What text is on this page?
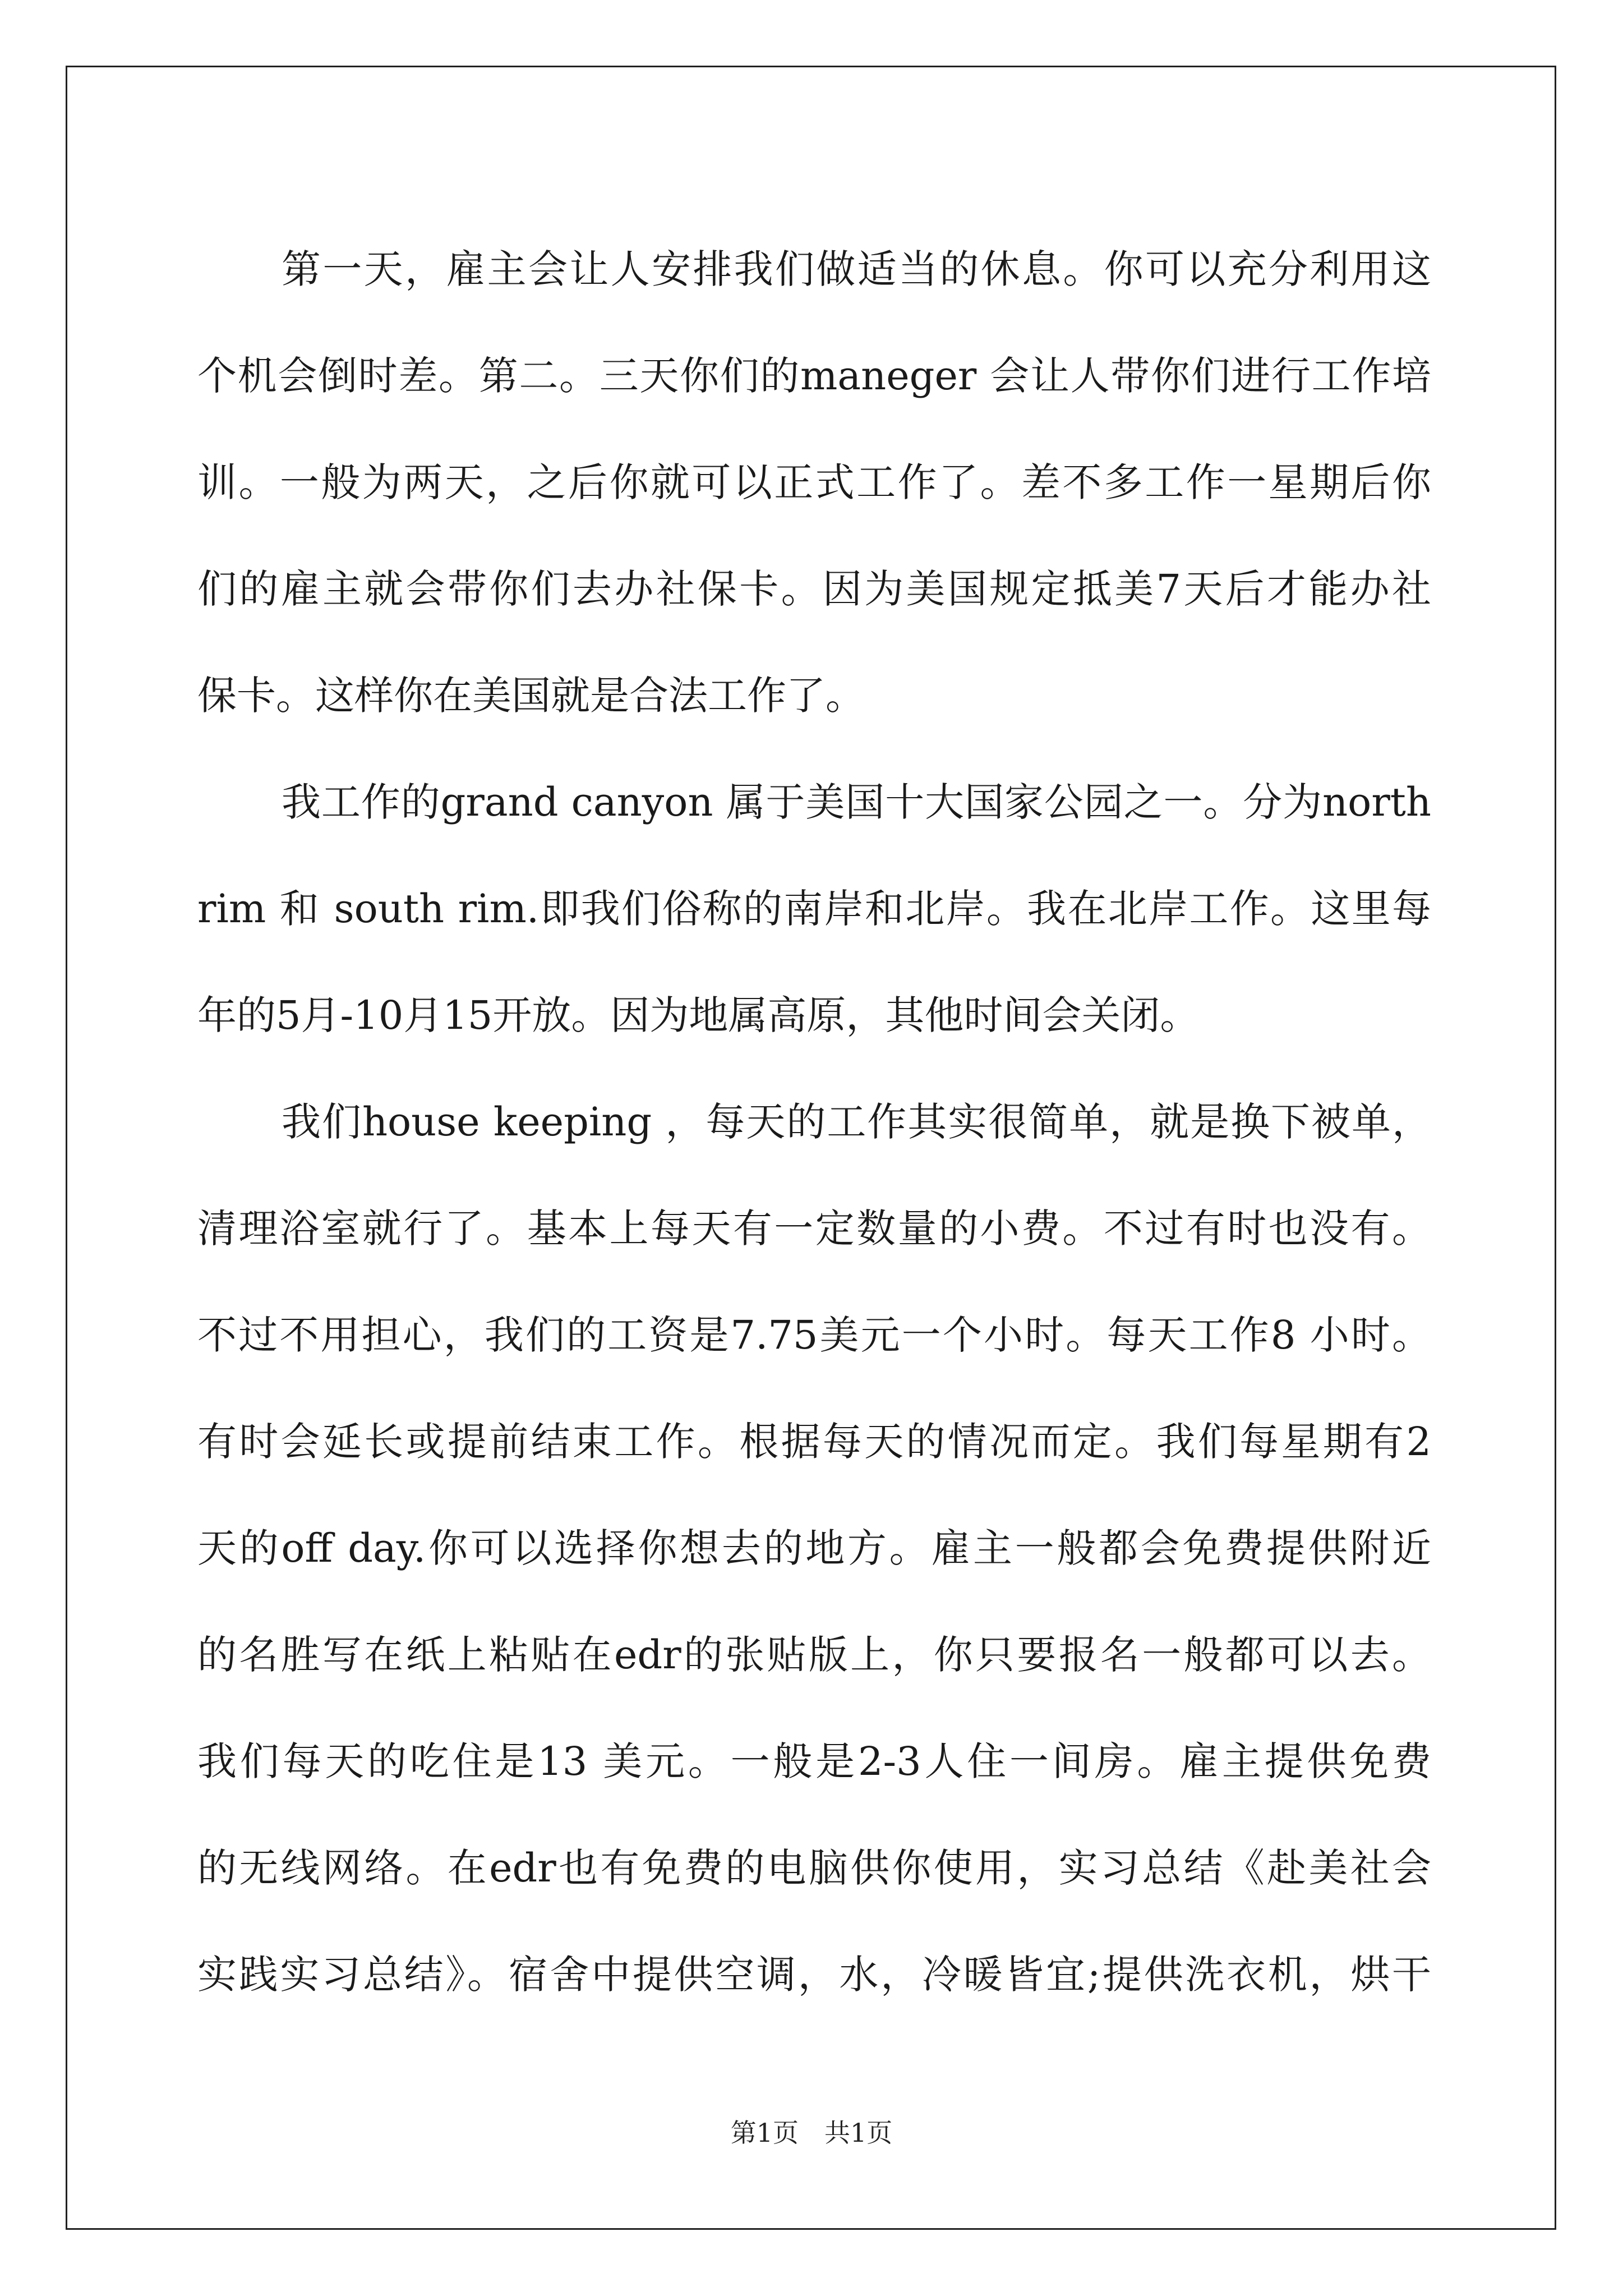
第一天，雇主会让人安排我们做适当的休息。你可以充分利用这
个机会倒时差。第二。三天你们的maneger 会让人带你们进行工作培
训。一般为两天，之后你就可以正式工作了。差不多工作一星期后你
们的雇主就会带你们去办社保卡。因为美国规定抵美7天后才能办社
保卡。这样你在美国就是合法工作了。
我工作的grand canyon 属于美国十大国家公园之一。分为north
rim 和 south rim.即我们俗称的南岸和北岸。我在北岸工作。这里每
年的5月-10月15开放。因为地属高原，其他时间会关闭。
我们house keeping ，每天的工作其实很简单，就是换下被单，
清理浴室就行了。基本上每天有一定数量的小费。不过有时也没有。
不过不用担心，我们的工资是7.75美元一个小时。每天工作8 小时。
有时会延长或提前结束工作。根据每天的情况而定。我们每星期有2
天的off day.你可以选择你想去的地方。雇主一般都会免费提供附近
的名胜写在纸上粘贴在edr的张贴版上，你只要报名一般都可以去。
我们每天的吃住是13 美元。一般是2-3人住一间房。雇主提供免费
的无线网络。在edr也有免费的电脑供你使用，实习总结《赴美社会
实践实习总结》。宿舍中提供空调，水，冷暖皆宜;提供洗衣机，烘干
第1页　共1页
